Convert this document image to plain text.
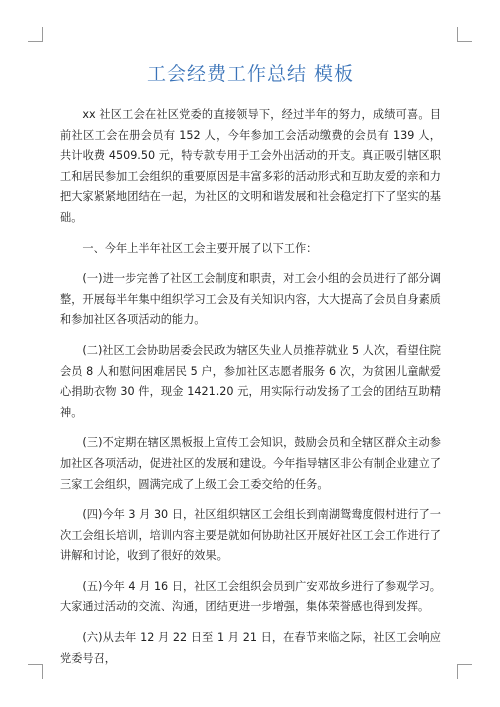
工会经费工作总结 模板

xx 社区工会在社区党委的直接领导下，经过半年的努力，成绩可喜。目前社区工会在册会员有 152 人，今年参加工会活动缴费的会员有 139 人，共计收费 4509.50 元，特专款专用于工会外出活动的开支。真正吸引辖区职工和居民参加工会组织的重要原因是丰富多彩的活动形式和互助友爱的亲和力把大家紧紧地团结在一起，为社区的文明和谐发展和社会稳定打下了坚实的基础。

一、今年上半年社区工会主要开展了以下工作：

(一)进一步完善了社区工会制度和职责，对工会小组的会员进行了部分调整，开展每半年集中组织学习工会及有关知识内容，大大提高了会员自身素质和参加社区各项活动的能力。

(二)社区工会协助居委会民政为辖区失业人员推荐就业 5 人次，看望住院会员 8 人和慰问困难居民 5 户，参加社区志愿者服务 6 次，为贫困儿童献爱心捐助衣物 30 件，现金 1421.20 元，用实际行动发扬了工会的团结互助精神。

(三)不定期在辖区黑板报上宣传工会知识，鼓励会员和全辖区群众主动参加社区各项活动，促进社区的发展和建设。今年指导辖区非公有制企业建立了三家工会组织，圆满完成了上级工会工委交给的任务。

(四)今年 3 月 30 日，社区组织辖区工会组长到南湖鸳鸯度假村进行了一次工会组长培训，培训内容主要是就如何协助社区开展好社区工会工作进行了讲解和讨论，收到了很好的效果。

(五)今年 4 月 16 日，社区工会组织会员到广安邓故乡进行了参观学习。大家通过活动的交流、沟通，团结更进一步增强，集体荣誉感也得到发挥。

(六)从去年 12 月 22 日至 1 月 21 日，在春节来临之际，社区工会响应党委号召，
